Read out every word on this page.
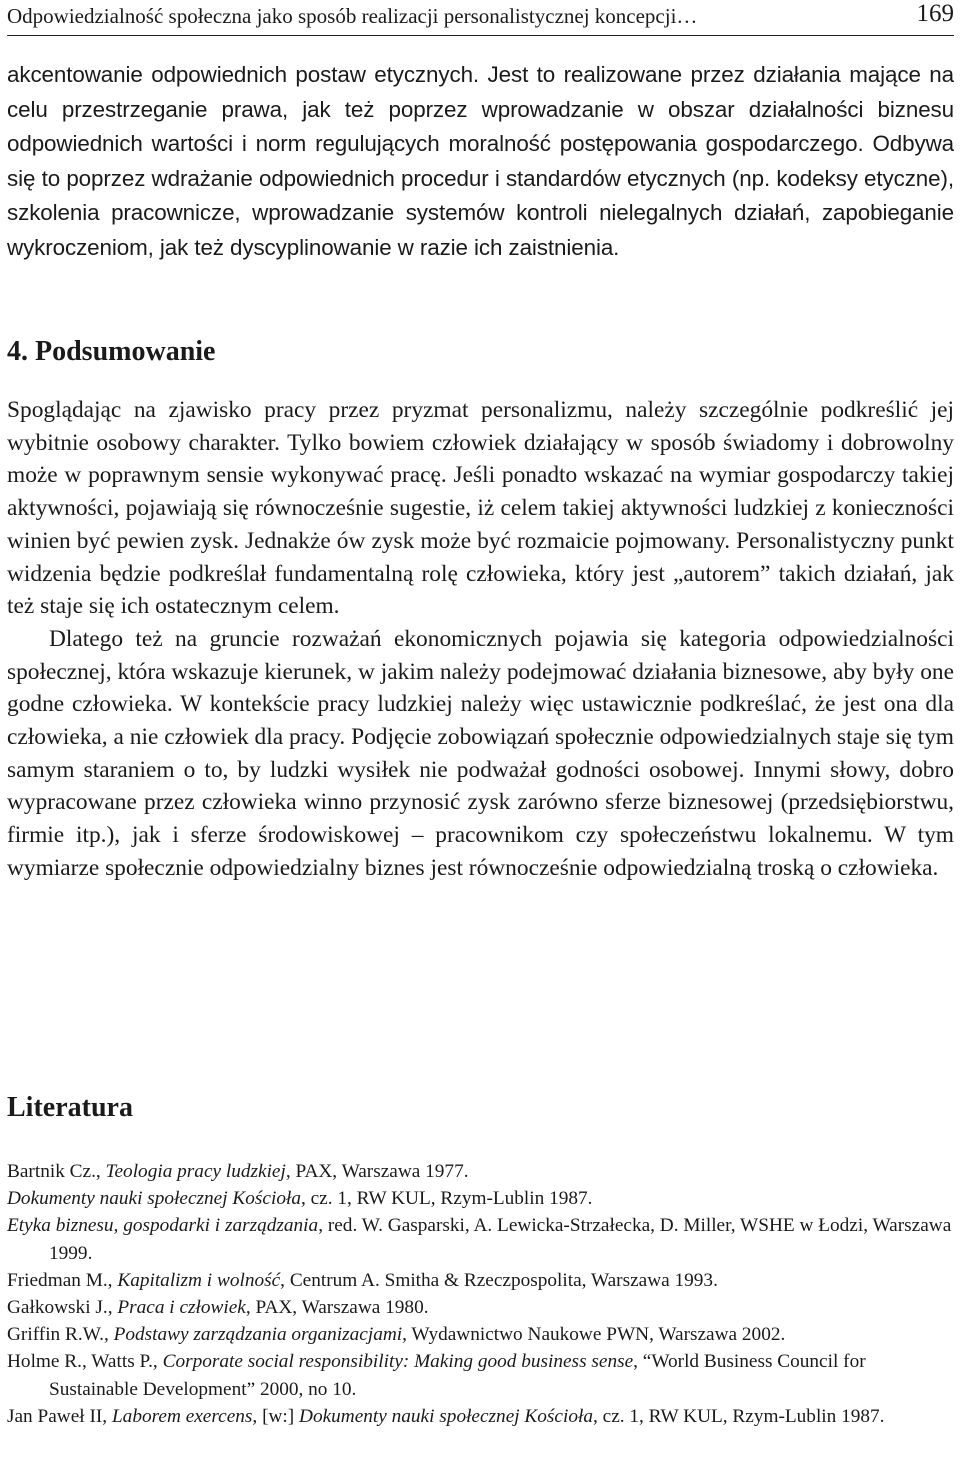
Odpowiedzialność społeczna jako sposób realizacji personalistycznej koncepcji…	169
akcentowanie odpowiednich postaw etycznych. Jest to realizowane przez działania mające na celu przestrzeganie prawa, jak też poprzez wprowadzanie w obszar działalności biznesu odpowiednich wartości i norm regulujących moralność postępowania gospodarczego. Odbywa się to poprzez wdrażanie odpowiednich procedur i standardów etycznych (np. kodeksy etyczne), szkolenia pracownicze, wprowadzanie systemów kontroli nielegalnych działań, zapobieganie wykroczeniom, jak też dyscyplinowanie w razie ich zaistnienia.
4. Podsumowanie

Spoglądając na zjawisko pracy przez pryzmat personalizmu, należy szczególnie podkreślić jej wybitnie osobowy charakter. Tylko bowiem człowiek działający w sposób świadomy i dobrowolny może w poprawnym sensie wykonywać pracę. Jeśli ponadto wskazać na wymiar gospodarczy takiej aktywności, pojawiają się równocześnie sugestie, iż celem takiej aktywności ludzkiej z konieczności winien być pewien zysk. Jednakże ów zysk może być rozmaicie pojmowany. Personalistyczny punkt widzenia będzie podkreślał fundamentalną rolę człowieka, który jest „autorem” takich działań, jak też staje się ich ostatecznym celem.

Dlatego też na gruncie rozważań ekonomicznych pojawia się kategoria odpowiedzialności społecznej, która wskazuje kierunek, w jakim należy podejmować działania biznesowe, aby były one godne człowieka. W kontekście pracy ludzkiej należy więc ustawicznie podkreślać, że jest ona dla człowieka, a nie człowiek dla pracy. Podjęcie zobowiązań społecznie odpowiedzialnych staje się tym samym staraniem o to, by ludzki wysiłek nie podważał godności osobowej. Innymi słowy, dobro wypracowane przez człowieka winno przynosić zysk zarówno sferze biznesowej (przedsiębiorstwu, firmie itp.), jak i sferze środowiskowej – pracownikom czy społeczeństwu lokalnemu. W tym wymiarze społecznie odpowiedzialny biznes jest równocześnie odpowiedzialną troską o człowieka.

Literatura

Bartnik Cz., Teologia pracy ludzkiej, PAX, Warszawa 1977.

Dokumenty nauki społecznej Kościoła, cz. 1, RW KUL, Rzym-Lublin 1987.

Etyka biznesu, gospodarki i zarządzania, red. W. Gasparski, A. Lewicka-Strzałecka, D. Miller, WSHE w Łodzi, Warszawa 1999.

Friedman M., Kapitalizm i wolność, Centrum A. Smitha & Rzeczpospolita, Warszawa 1993.

Gałkowski J., Praca i człowiek, PAX, Warszawa 1980.

Griffin R.W., Podstawy zarządzania organizacjami, Wydawnictwo Naukowe PWN, Warszawa 2002.

Holme R., Watts P., Corporate social responsibility: Making good business sense, “World Business Council for Sustainable Development” 2000, no 10.

Jan Paweł II, Laborem exercens, [w:] Dokumenty nauki społecznej Kościoła, cz. 1, RW KUL, Rzym-Lublin 1987.
